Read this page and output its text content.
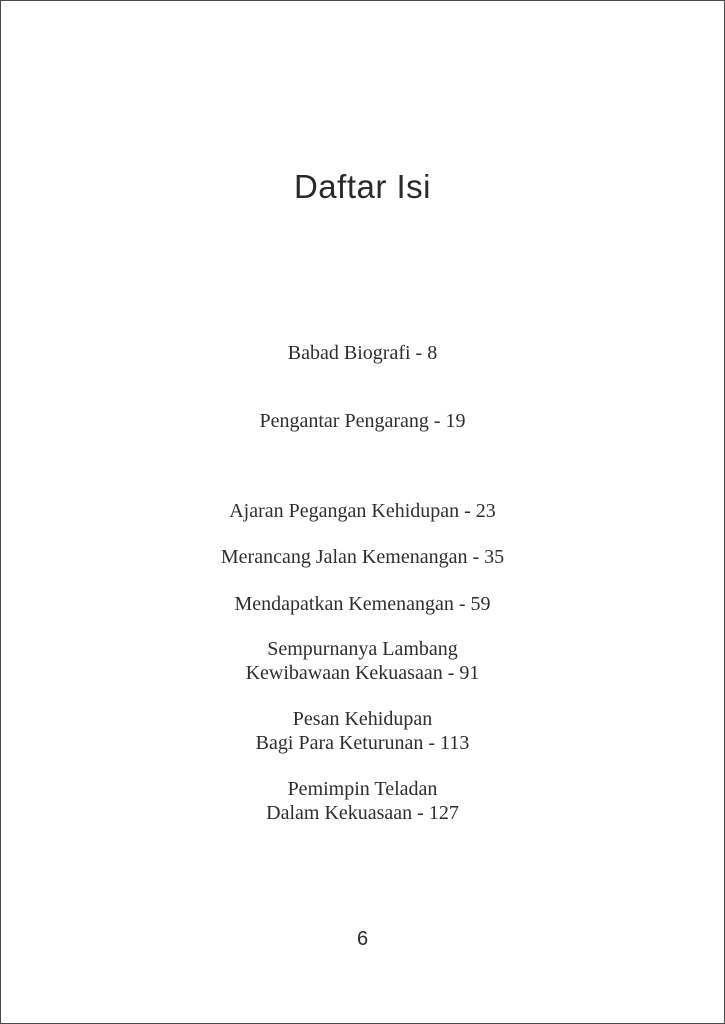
Daftar Isi
Babad Biografi - 8
Pengantar Pengarang - 19
Ajaran Pegangan Kehidupan - 23
Merancang Jalan Kemenangan - 35
Mendapatkan Kemenangan - 59
Sempurnanya Lambang
Kewibawaan Kekuasaan - 91
Pesan Kehidupan
Bagi Para Keturunan - 113
Pemimpin Teladan
Dalam Kekuasaan - 127
6
